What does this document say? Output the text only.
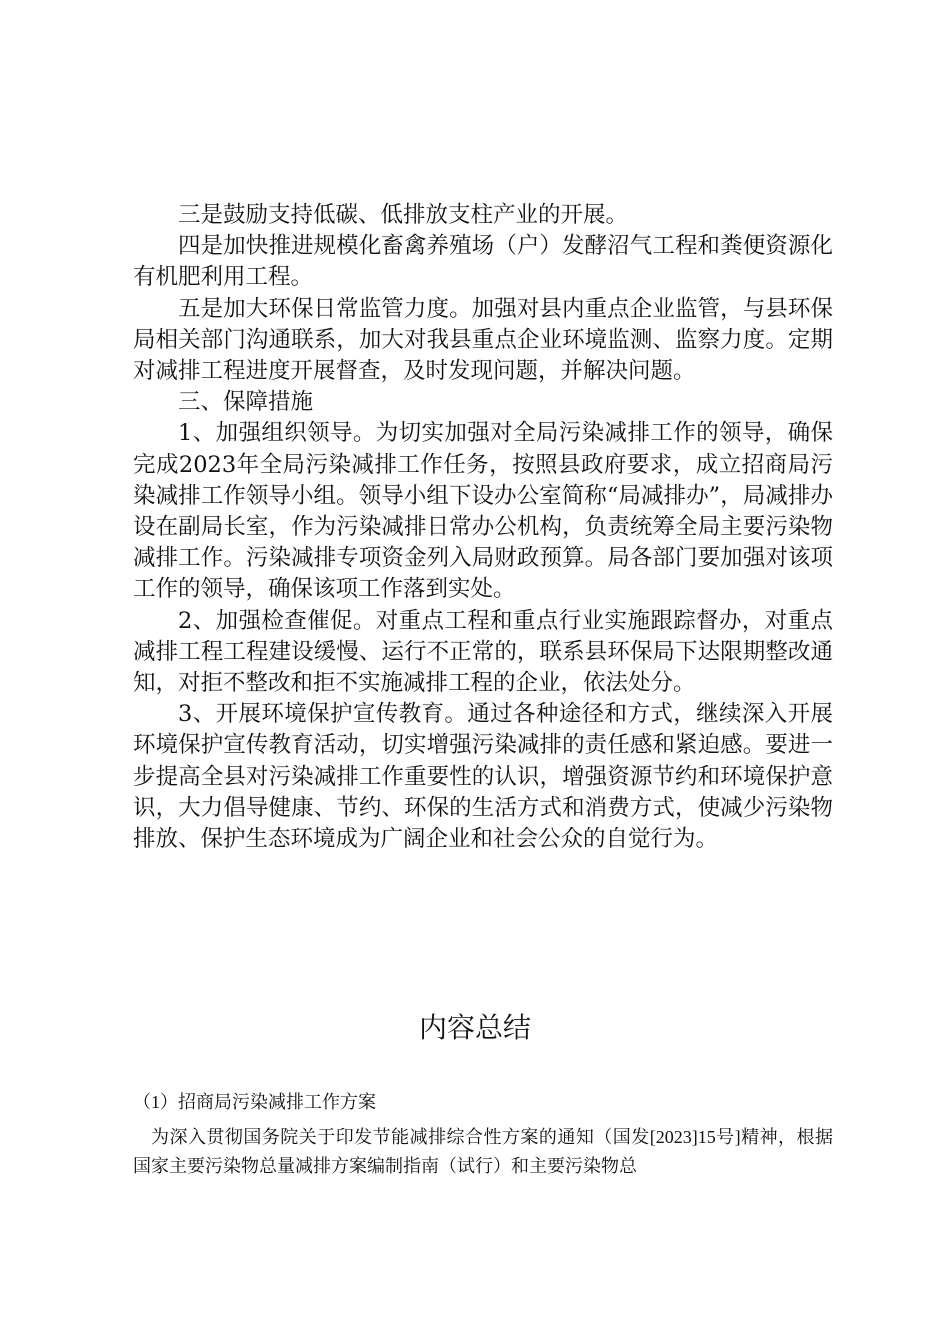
三是鼓励支持低碳、低排放支柱产业的开展。

四是加快推进规模化畜禽养殖场（户）发酵沼气工程和粪便资源化有机肥利用工程。

五是加大环保日常监管力度。加强对县内重点企业监管，与县环保局相关部门沟通联系，加大对我县重点企业环境监测、监察力度。定期对减排工程进度开展督查，及时发现问题，并解决问题。

三、保障措施

1、加强组织领导。为切实加强对全局污染减排工作的领导，确保完成2023年全局污染减排工作任务，按照县政府要求，成立招商局污染减排工作领导小组。领导小组下设办公室简称“局减排办”，局减排办设在副局长室，作为污染减排日常办公机构，负责统筹全局主要污染物减排工作。污染减排专项资金列入局财政预算。局各部门要加强对该项工作的领导，确保该项工作落到实处。

2、加强检查催促。对重点工程和重点行业实施跟踪督办，对重点减排工程工程建设缓慢、运行不正常的，联系县环保局下达限期整改通知，对拒不整改和拒不实施减排工程的企业，依法处分。

3、开展环境保护宣传教育。通过各种途径和方式，继续深入开展环境保护宣传教育活动，切实增强污染减排的责任感和紧迫感。要进一步提高全县对污染减排工作重要性的认识，增强资源节约和环境保护意识，大力倡导健康、节约、环保的生活方式和消费方式，使减少污染物排放、保护生态环境成为广阔企业和社会公众的自觉行为。

内容总结

（1）招商局污染减排工作方案

为深入贯彻国务院关于印发节能减排综合性方案的通知（国发[2023]15号]精神，根据国家主要污染物总量减排方案编制指南（试行）和主要污染物总
